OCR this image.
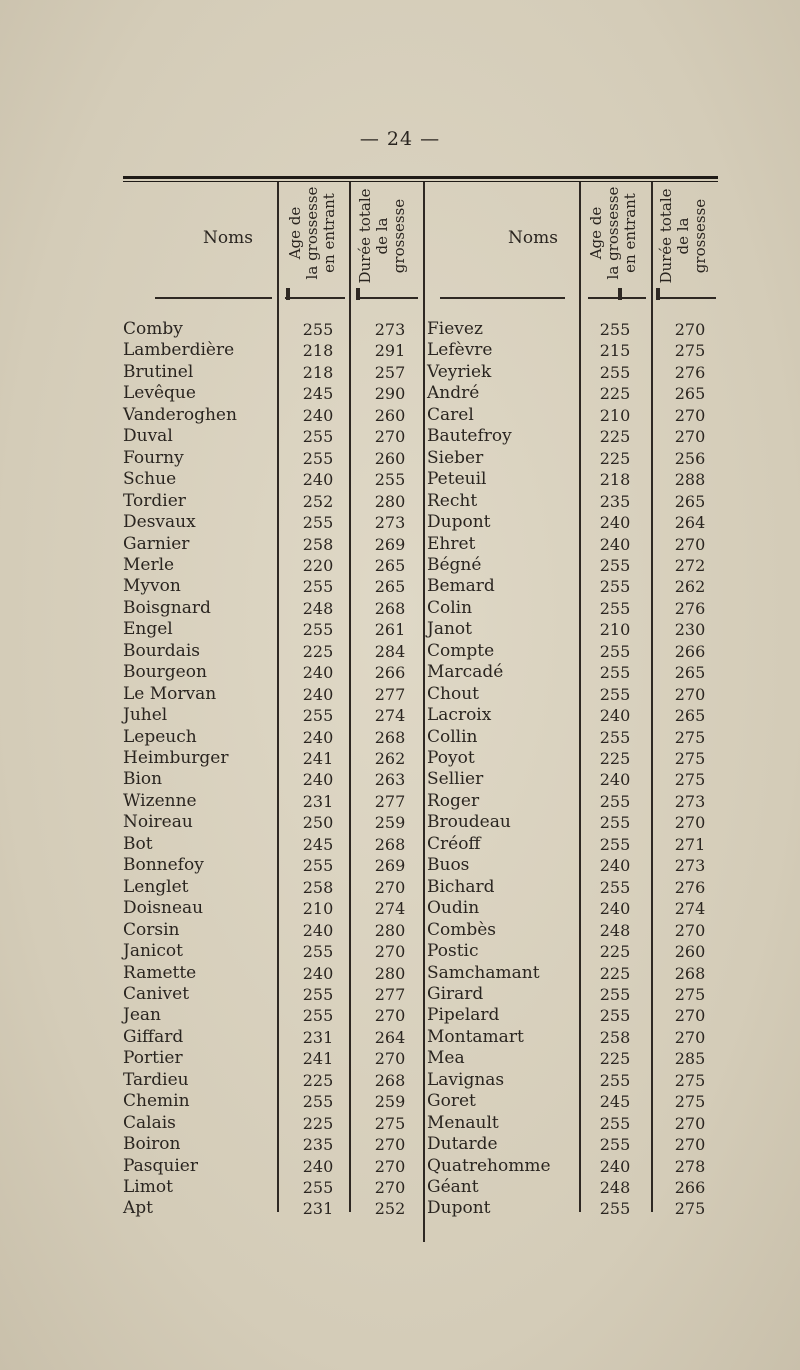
— 24 —
Noms	Noms
Age de la grossesse en entrant Durée totale de la grossesse	Age de la grossesse en entrant Durée totale de la grossesse
Comby	255	273	Fievez	255	270
Lamberdière	218	291	Lefèvre	215	275
Brutinel	218	257	Veyriek	255	276
Levêque	245	290	André	225	265
Vanderoghen	240	260	Carel	210	270
Duval	255	270	Bautefroy	225	270
Fourny	255	260	Sieber	225	256
Schue	240	255	Peteuil	218	288
Tordier	252	280	Recht	235	265
Desvaux	255	273	Dupont	240	264
Garnier	258	269	Ehret	240	270
Merle	220	265	Bégné	255	272
Myvon	255	265	Bemard	255	262
Boisgnard	248	268	Colin	255	276
Engel	255	261	Janot	210	230
Bourdais	225	284	Compte	255	266
Bourgeon	240	266	Marcadé	255	265
Le Morvan	240	277	Chout	255	270
Juhel	255	274	Lacroix	240	265
Lepeuch	240	268	Collin	255	275
Heimburger	241	262	Poyot	225	275
Bion	240	263	Sellier	240	275
Wizenne	231	277	Roger	255	273
Noireau	250	259	Broudeau	255	270
Bot	245	268	Créoff	255	271
Bonnefoy	255	269	Buos	240	273
Lenglet	258	270	Bichard	255	276
Doisneau	210	274	Oudin	240	274
Corsin	240	280	Combès	248	270
Janicot	255	270	Postic	225	260
Ramette	240	280	Samchamant	225	268
Canivet	255	277	Girard	255	275
Jean	255	270	Pipelard	255	270
Giffard	231	264	Montamart	258	270
Portier	241	270	Mea	225	285
Tardieu	225	268	Lavignas	255	275
Chemin	255	259	Goret	245	275
Calais	225	275	Menault	255	270
Boiron	235	270	Dutarde	255	270
Pasquier	240	270	Quatrehomme	240	278
Limot	255	270	Géant	248	266
Apt	231	252	Dupont	255	275
